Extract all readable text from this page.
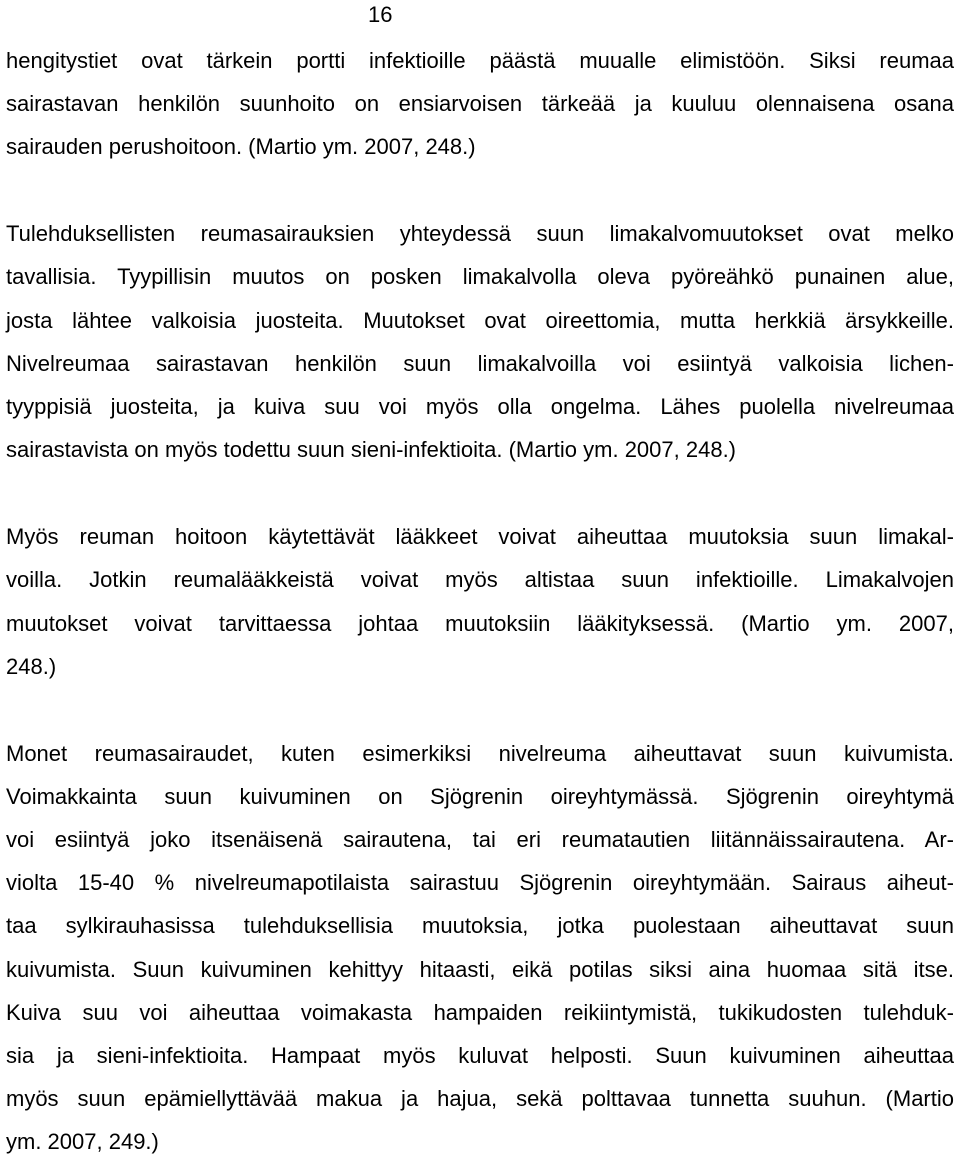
16
hengitystiet ovat tärkein portti infektioille päästä muualle elimistöön. Siksi reumaa
sairastavan henkilön suunhoito on ensiarvoisen tärkeää ja kuuluu olennaisena osana
sairauden perushoitoon. (Martio ym. 2007, 248.)
Tulehduksellisten reumasairauksien yhteydessä suun limakalvomuutokset ovat melko
tavallisia. Tyypillisin muutos on posken limakalvolla oleva pyöreähkö punainen alue,
josta lähtee valkoisia juosteita. Muutokset ovat oireettomia, mutta herkkiä ärsykkeille.
Nivelreumaa sairastavan henkilön suun limakalvoilla voi esiintyä valkoisia lichen-
tyyppisiä juosteita, ja kuiva suu voi myös olla ongelma. Lähes puolella nivelreumaa
sairastavista on myös todettu suun sieni-infektioita. (Martio ym. 2007, 248.)
Myös reuman hoitoon käytettävät lääkkeet voivat aiheuttaa muutoksia suun limakal-
voilla. Jotkin reumalääkkeistä voivat myös altistaa suun infektioille. Limakalvojen
muutokset voivat tarvittaessa johtaa muutoksiin lääkityksessä. (Martio ym. 2007,
248.)
Monet reumasairaudet, kuten esimerkiksi nivelreuma aiheuttavat suun kuivumista.
Voimakkainta suun kuivuminen on Sjögrenin oireyhtymässä. Sjögrenin oireyhtymä
voi esiintyä joko itsenäisenä sairautena, tai eri reumatautien liitännäissairautena. Ar-
violta 15-40 % nivelreumapotilaista sairastuu Sjögrenin oireyhtymään. Sairaus aiheut-
taa sylkirauhasissa tulehduksellisia muutoksia, jotka puolestaan aiheuttavat suun
kuivumista. Suun kuivuminen kehittyy hitaasti, eikä potilas siksi aina huomaa sitä itse.
Kuiva suu voi aiheuttaa voimakasta hampaiden reikiintymistä, tukikudosten tulehduk-
sia ja sieni-infektioita. Hampaat myös kuluvat helposti. Suun kuivuminen aiheuttaa
myös suun epämiellyttävää makua ja hajua, sekä polttavaa tunnetta suuhun. (Martio
ym. 2007, 249.)
